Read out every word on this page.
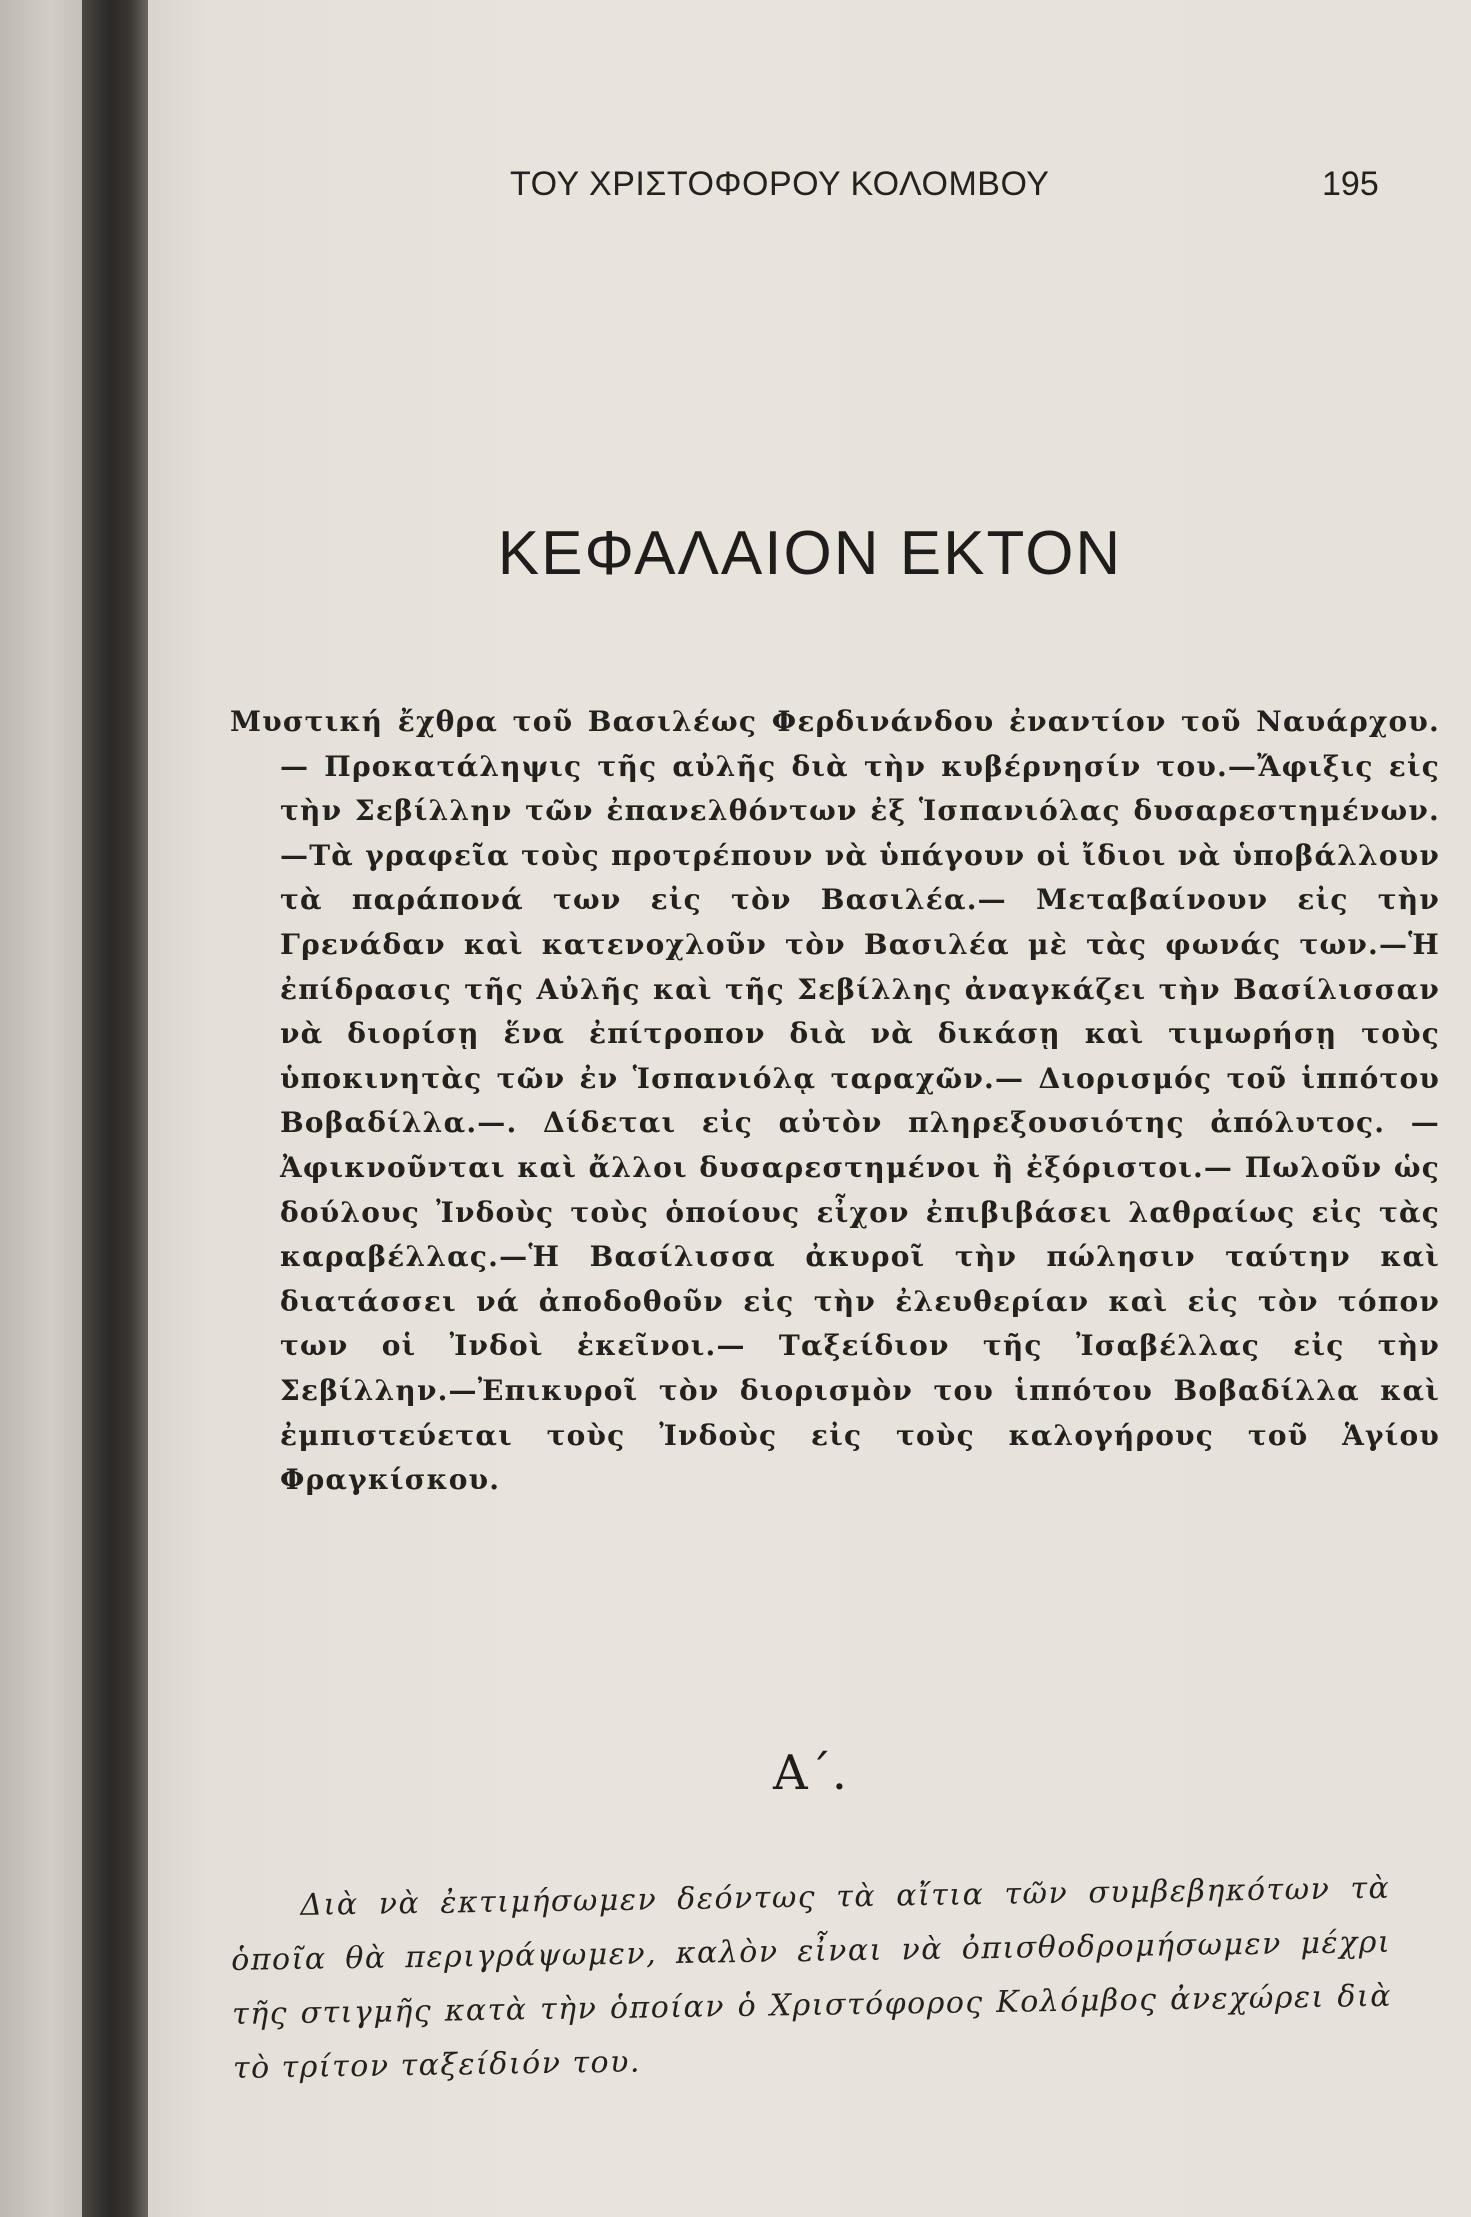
ΤΟΥ ΧΡΙΣΤΟΦΟΡΟΥ ΚΟΛΟΜΒΟΥ	195
ΚΕΦΑΛΑΙΟΝ ΕΚΤΟΝ

Μυστική ἔχθρα τοῦ Βασιλέως Φερδινάνδου ἐναντίον τοῦ Ναυάρχου.— Προκατάληψις τῆς αὐλῆς διὰ τὴν κυβέρνησίν του.—Ἄφιξις εἰς τὴν Σεβίλλην τῶν ἐπανελθόντων ἐξ Ἱσπανιόλας δυσαρεστημένων.—Τὰ γραφεῖα τοὺς προτρέπουν νὰ ὑπάγουν οἱ ἴδιοι νὰ ὑποβάλλουν τὰ παράπονά των εἰς τὸν Βασιλέα.— Μεταβαίνουν εἰς τὴν Γρενάδαν καὶ κατενοχλοῦν τὸν Βασιλέα μὲ τὰς φωνάς των.—Ἡ ἐπίδρασις τῆς Αὐλῆς καὶ τῆς Σεβίλλης ἀναγκάζει τὴν Βασίλισσαν νὰ διορίσῃ ἕνα ἐπίτροπον διὰ νὰ δικάσῃ καὶ τιμωρήσῃ τοὺς ὑποκινητὰς τῶν ἐν Ἱσπανιόλᾳ ταραχῶν.— Διορισμός τοῦ ἱππότου Βοβαδίλλα.—. Δίδεται εἰς αὐτὸν πληρεξουσιότης ἀπόλυτος. —Ἀφικνοῦνται καὶ ἄλλοι δυσαρεστημένοι ἢ ἐξόριστοι.— Πωλοῦν ὡς δούλους Ἰνδοὺς τοὺς ὁποίους εἶχον ἐπιβιβάσει λαθραίως εἰς τὰς καραβέλλας.—Ἡ Βασίλισσα ἀκυροῖ τὴν πώλησιν ταύτην καὶ διατάσσει νά ἀποδοθοῦν εἰς τὴν ἐλευθερίαν καὶ εἰς τὸν τόπον των οἱ Ἰνδοὶ ἐκεῖνοι.— Ταξείδιον τῆς Ἰσαβέλλας εἰς τὴν Σεβίλλην.—Ἐπικυροῖ τὸν διορισμὸν του ἱππότου Βοβαδίλλα καὶ ἐμπιστεύεται τοὺς Ἰνδοὺς εἰς τοὺς καλογήρους τοῦ Ἁγίου Φραγκίσκου.

Α΄.

Διὰ νὰ ἐκτιμήσωμεν δεόντως τὰ αἴτια τῶν συμβεβηκότων τὰ ὁποῖα θὰ περιγράψωμεν, καλὸν εἶναι νὰ ὀπισθοδρομήσωμεν μέχρι τῆς στιγμῆς κατὰ τὴν ὁποίαν ὁ Χριστόφορος Κολόμβος ἀνεχώρει διὰ τὸ τρίτον ταξείδιόν του.
